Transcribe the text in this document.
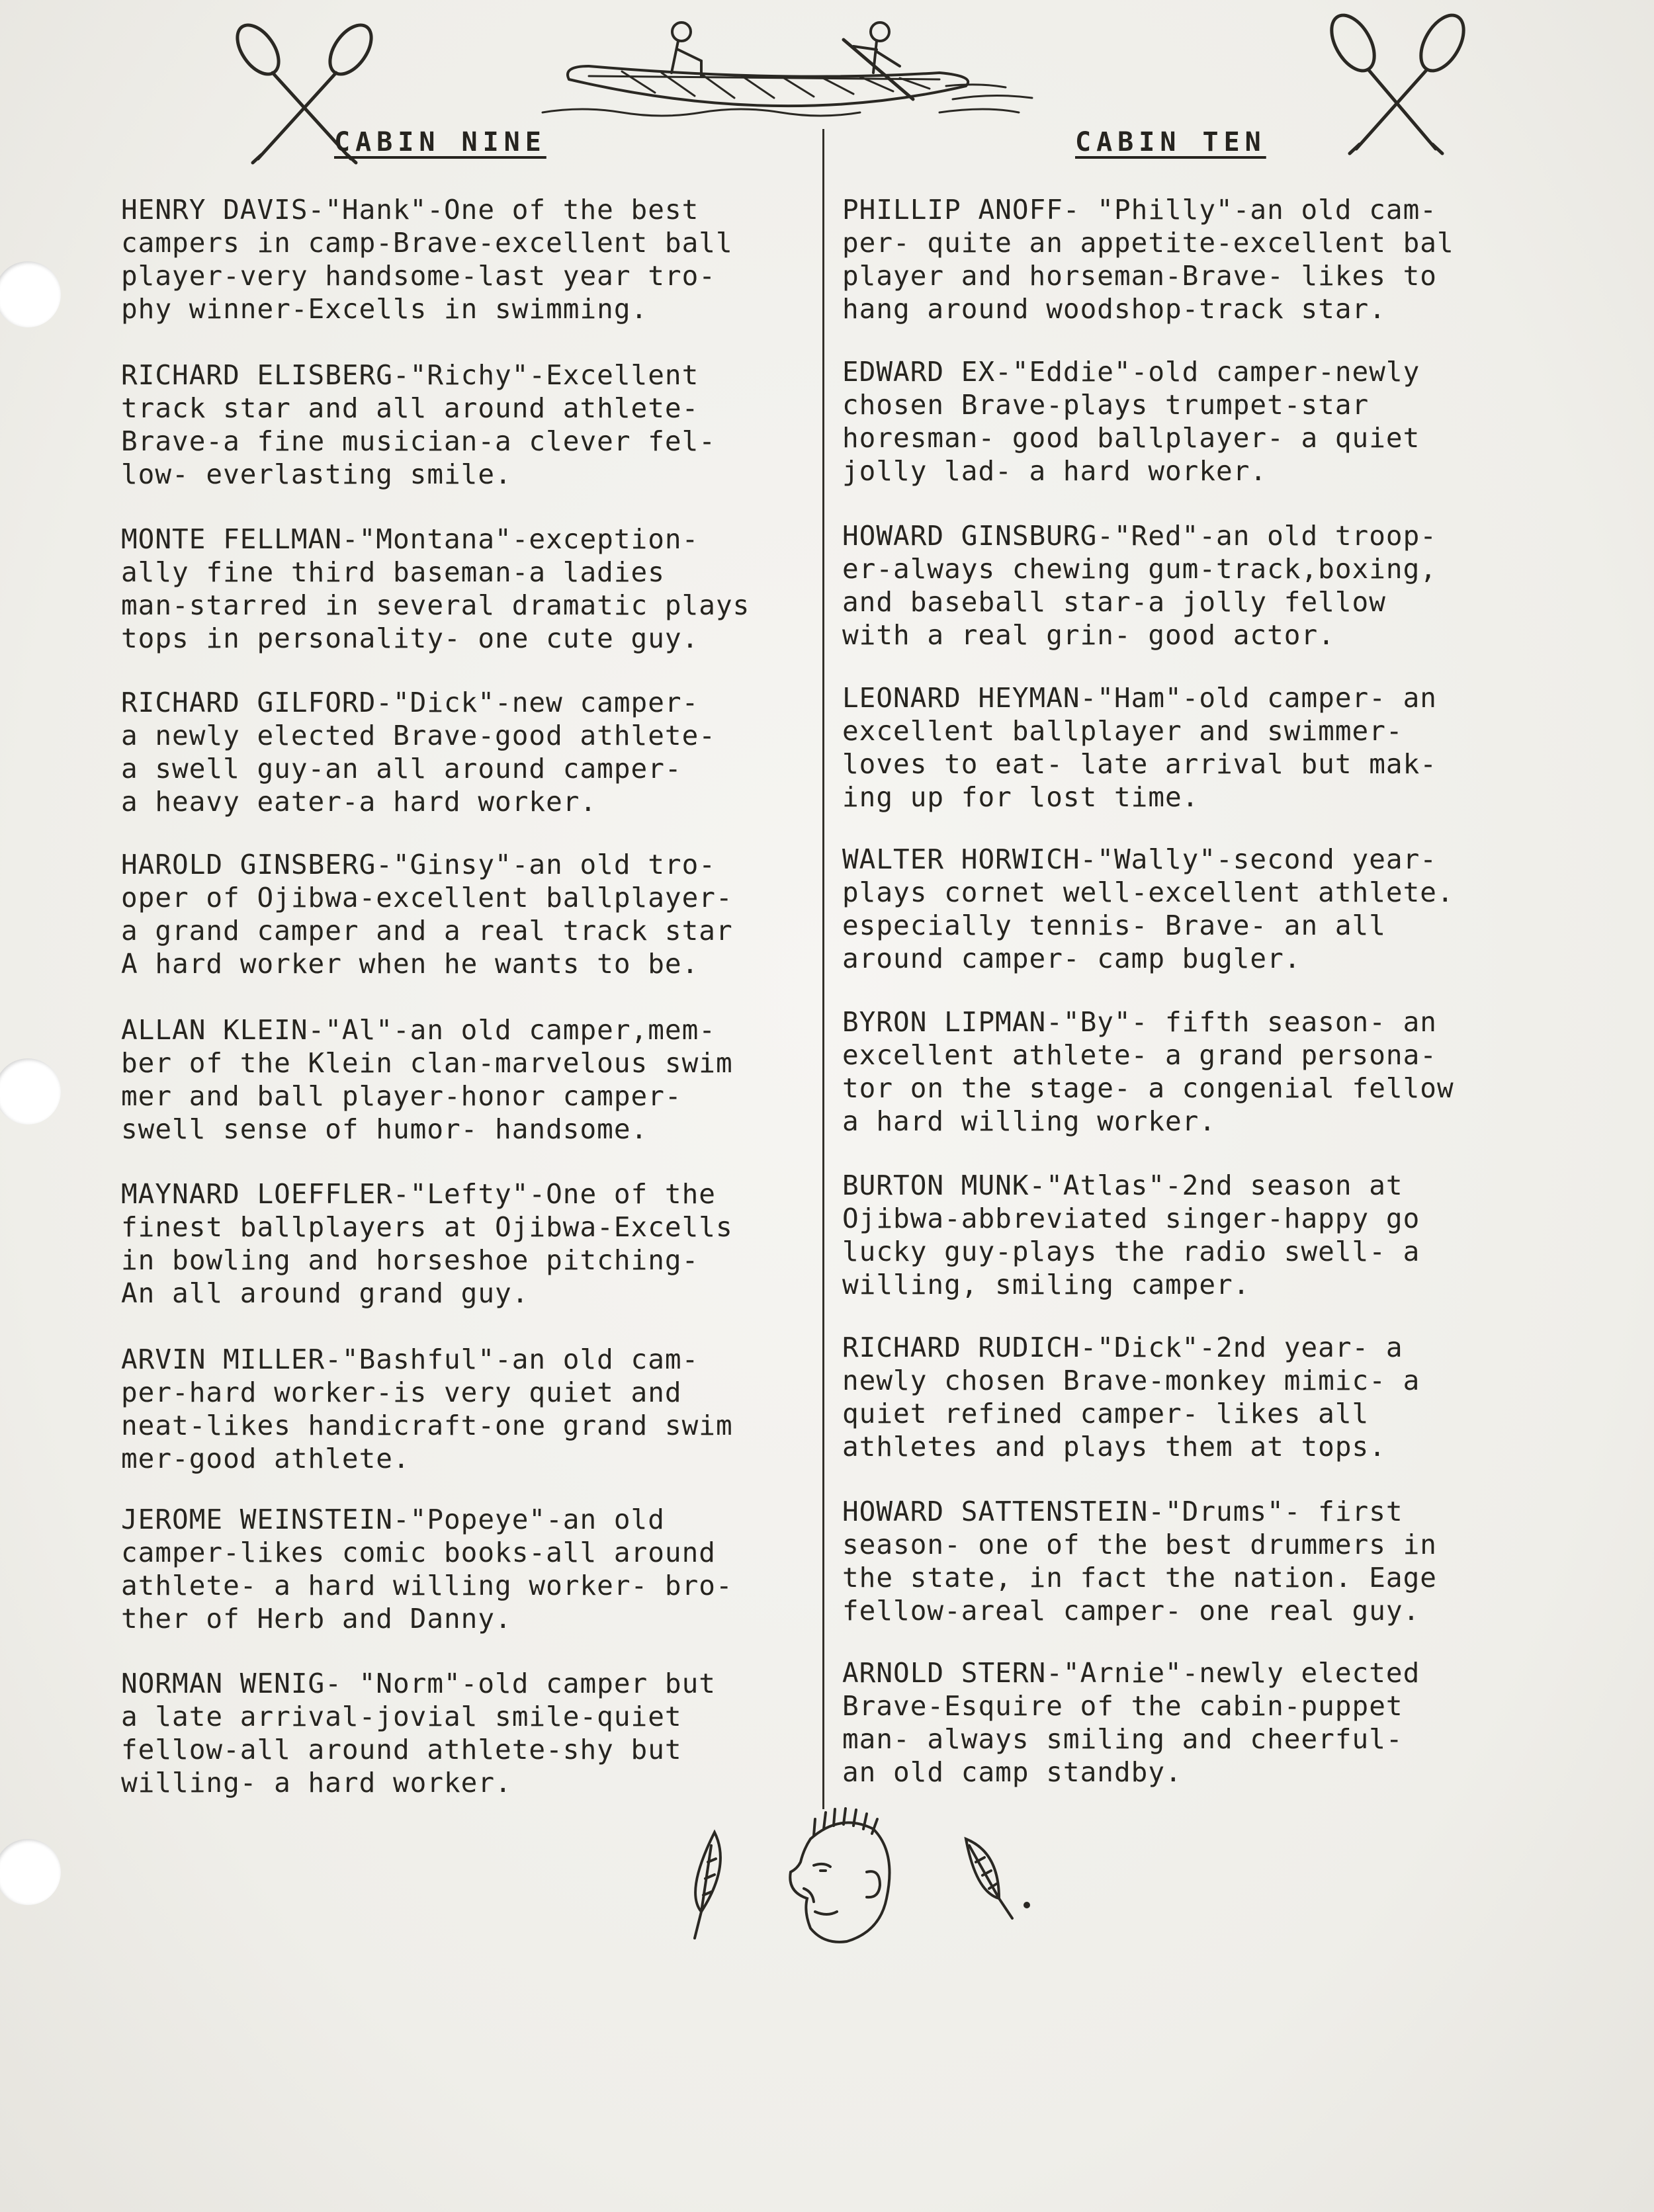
CABIN NINE	CABIN TEN

HENRY DAVIS-"Hank"-One of the best
campers in camp-Brave-excellent ball
player-very handsome-last year tro-
phy winner-Excells in swimming.

RICHARD ELISBERG-"Richy"-Excellent
track star and all around athlete-
Brave-a fine musician-a clever fel-
low- everlasting smile.

MONTE FELLMAN-"Montana"-exception-
ally fine third baseman-a ladies
man-starred in several dramatic plays
tops in personality- one cute guy.

RICHARD GILFORD-"Dick"-new camper-
a newly elected Brave-good athlete-
a swell guy-an all around camper-
a heavy eater-a hard worker.

HAROLD GINSBERG-"Ginsy"-an old tro-
oper of Ojibwa-excellent ballplayer-
a grand camper and a real track star
A hard worker when he wants to be.

ALLAN KLEIN-"Al"-an old camper,mem-
ber of the Klein clan-marvelous swim
mer and ball player-honor camper-
swell sense of humor- handsome.

MAYNARD LOEFFLER-"Lefty"-One of the
finest ballplayers at Ojibwa-Excells
in bowling and horseshoe pitching-
An all around grand guy.

ARVIN MILLER-"Bashful"-an old cam-
per-hard worker-is very quiet and
neat-likes handicraft-one grand swim
mer-good athlete.

JEROME WEINSTEIN-"Popeye"-an old
camper-likes comic books-all around
athlete- a hard willing worker- bro-
ther of Herb and Danny.

NORMAN WENIG- "Norm"-old camper but
a late arrival-jovial smile-quiet
fellow-all around athlete-shy but
willing- a hard worker.

PHILLIP ANOFF- "Philly"-an old cam-
per- quite an appetite-excellent bal
player and horseman-Brave- likes to
hang around woodshop-track star.

EDWARD EX-"Eddie"-old camper-newly
chosen Brave-plays trumpet-star
horesman- good ballplayer- a quiet
jolly lad- a hard worker.

HOWARD GINSBURG-"Red"-an old troop-
er-always chewing gum-track,boxing,
and baseball star-a jolly fellow
with a real grin- good actor.

LEONARD HEYMAN-"Ham"-old camper- an
excellent ballplayer and swimmer-
loves to eat- late arrival but mak-
ing up for lost time.

WALTER HORWICH-"Wally"-second year-
plays cornet well-excellent athlete.
especially tennis- Brave- an all
around camper- camp bugler.

BYRON LIPMAN-"By"- fifth season- an
excellent athlete- a grand persona-
tor on the stage- a congenial fellow
a hard willing worker.

BURTON MUNK-"Atlas"-2nd season at
Ojibwa-abbreviated singer-happy go
lucky guy-plays the radio swell- a
willing, smiling camper.

RICHARD RUDICH-"Dick"-2nd year- a
newly chosen Brave-monkey mimic- a
quiet refined camper- likes all
athletes and plays them at tops.

HOWARD SATTENSTEIN-"Drums"- first
season- one of the best drummers in
the state, in fact the nation. Eage
fellow-areal camper- one real guy.

ARNOLD STERN-"Arnie"-newly elected
Brave-Esquire of the cabin-puppet
man- always smiling and cheerful-
an old camp standby.
